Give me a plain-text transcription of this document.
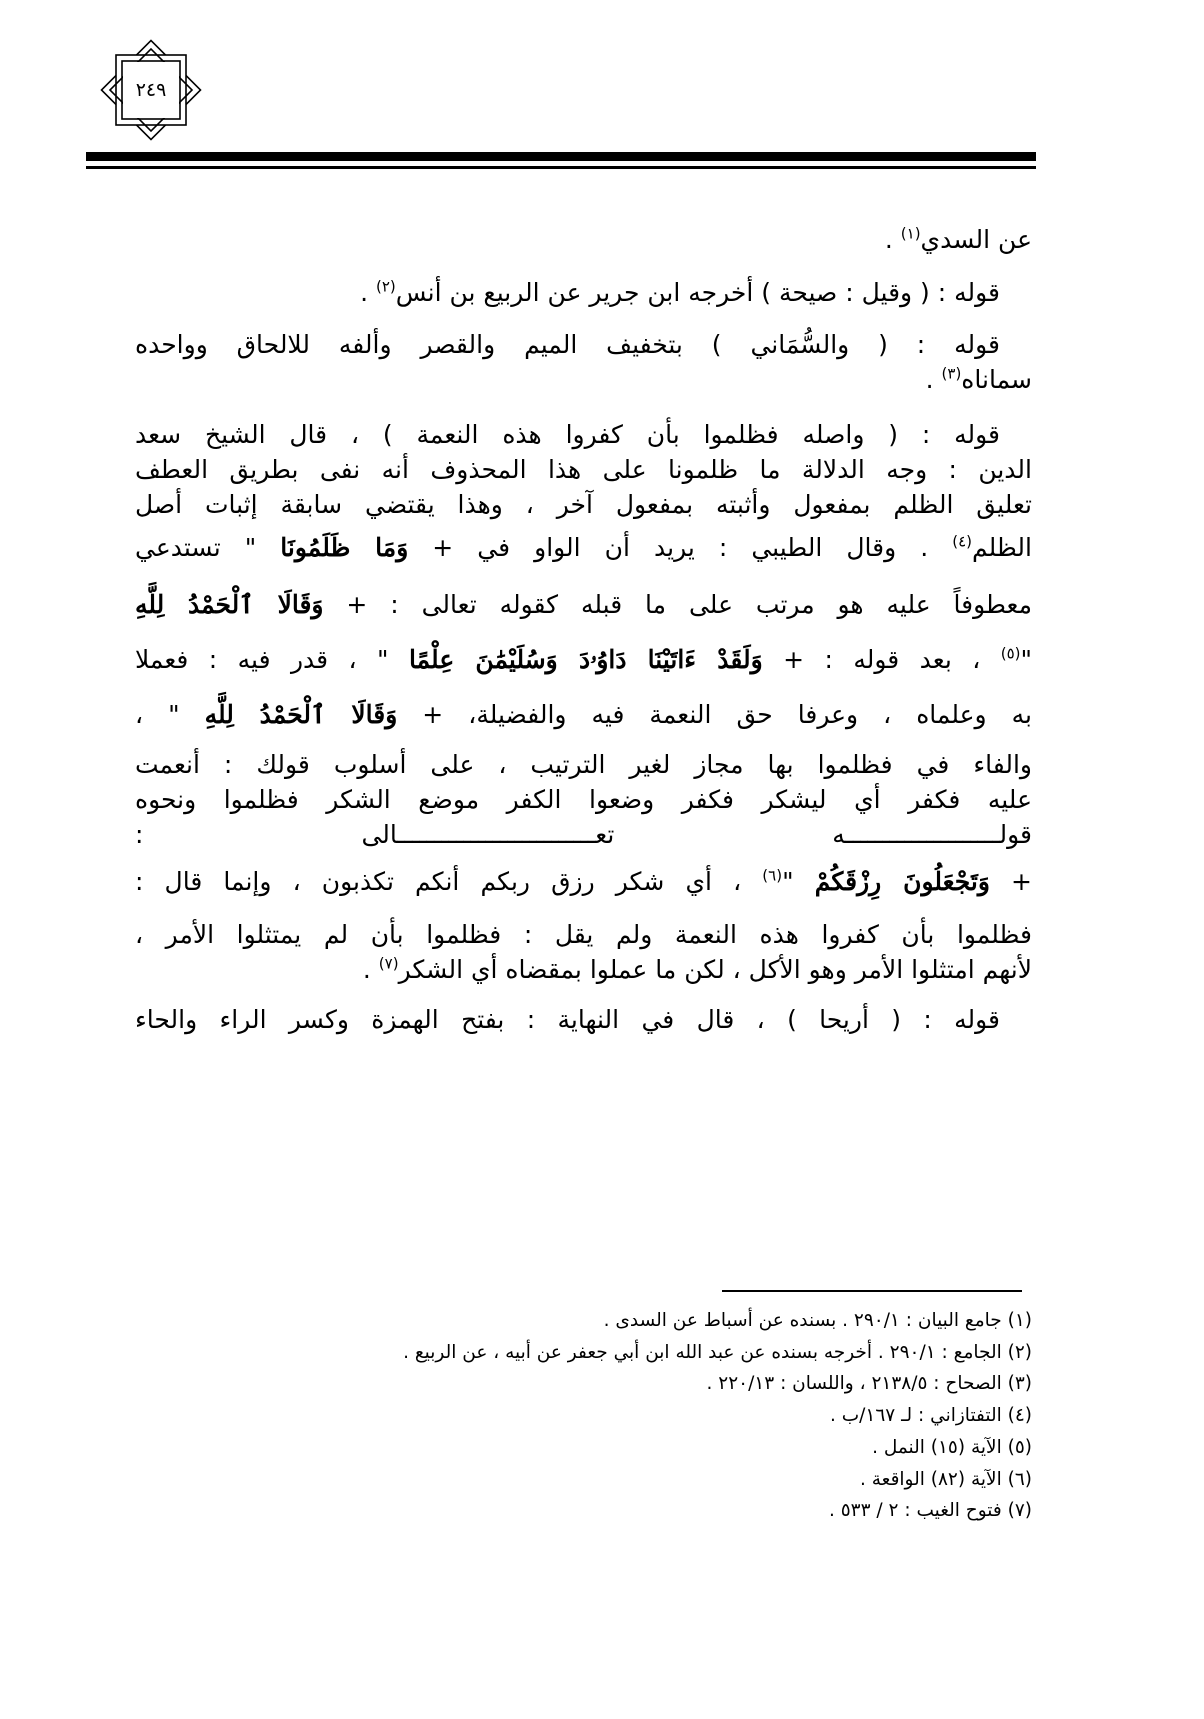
٢٤٩
عن السدي$^{(١)}$ .
قوله : ( وقيل : صيحة ) أخرجه ابن جرير عن الربيع بن أنس$^{(٢)}$ .
قوله : ( والسُّمَاني ) بتخفيف الميم والقصر وألفه للالحاق وواحده
سماناه$^{(٣)}$ .
قوله : ( واصله فظلموا بأن كفروا هذه النعمة ) ، قال الشيخ سعد
الدين : وجه الدلالة ما ظلمونا على هذا المحذوف أنه نفى بطريق العطف
تعليق الظلم بمفعول وأثبته بمفعول آخر ، وهذا يقتضي سابقة إثبات أصل
الظلم$^{(٤)}$ . وقال الطيبي : يريد أن الواو في + وَمَا ظَلَمُونَا " تستدعي
معطوفاً عليه هو مرتب على ما قبله كقوله تعالى : + وَقَالَا ٱلْحَمْدُ لِلَّهِ
"$^{(٥)}$ ، بعد قوله : + وَلَقَدْ ءَاتَيْنَا دَاوُۥدَ وَسُلَيْمَٰنَ عِلْمًا " ، قدر فيه : فعملا
به وعلماه ، وعرفا حق النعمة فيه والفضيلة، + وَقَالَا ٱلْحَمْدُ لِلَّهِ " ،
والفاء في فظلموا بها مجاز لغير الترتيب ، على أسلوب قولك : أنعمت
عليه فكفر أي ليشكر فكفر وضعوا الكفر موضع الشكر فظلموا ونحوه
قولـــــــــــــــــــــه تعـــــــــــــــــــــــــــالى :
+ وَتَجْعَلُونَ رِزْقَكُمْ "$^{(٦)}$ ، أي شكر رزق ربكم أنكم تكذبون ، وإنما قال :
فظلموا بأن كفروا هذه النعمة ولم يقل : فظلموا بأن لم يمتثلوا الأمر ،
لأنهم امتثلوا الأمر وهو الأكل ، لكن ما عملوا بمقضاه أي الشكر$^{(٧)}$ .
قوله : ( أريحا ) ، قال في النهاية : بفتح الهمزة وكسر الراء والحاء
(١) جامع البيان : ٢٩٠/١ . بسنده عن أسباط عن السدى .
(٢) الجامع : ٢٩٠/١ . أخرجه بسنده عن عبد الله ابن أبي جعفر عن أبيه ، عن الربيع .
(٣) الصحاح : ٢١٣٨/٥ ، واللسان : ٢٢٠/١٣ .
(٤) التفتازاني : لـ ١٦٧/ب .
(٥) الآية (١٥) النمل .
(٦) الآية (٨٢) الواقعة .
(٧) فتوح الغيب : ٢ / ٥٣٣ .
